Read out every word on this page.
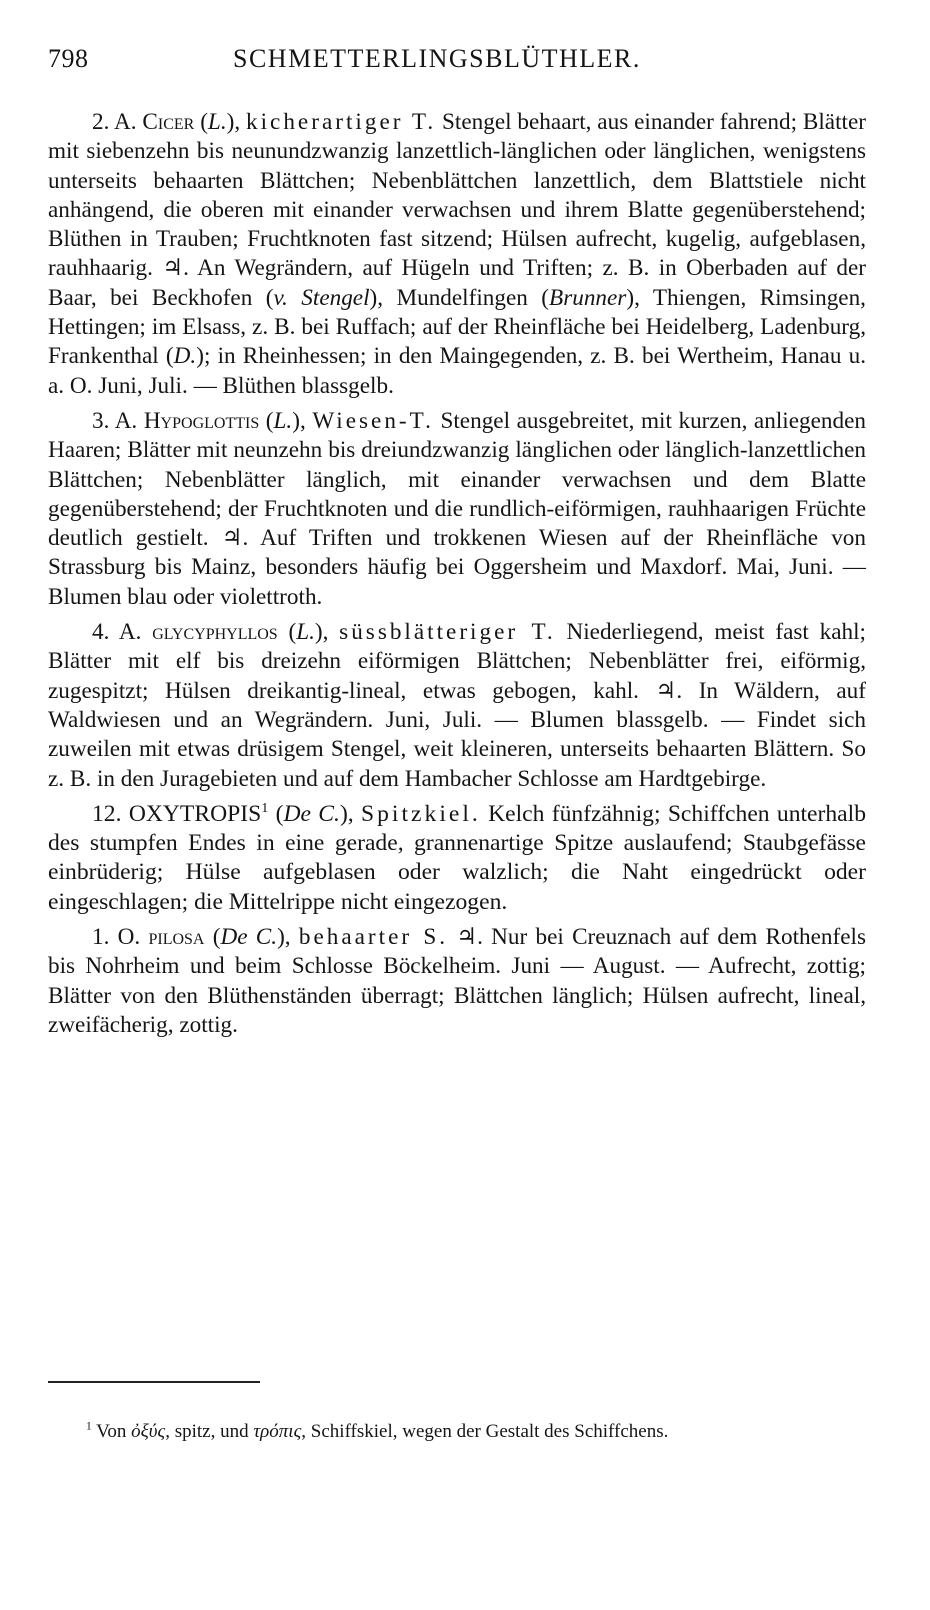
798	SCHMETTERLINGSBLÜTHLER.

2. A. Cicer (L.), kicherartiger T. Stengel behaart, aus einander fahrend; Blätter mit siebenzehn bis neunundzwanzig lanzettlich-länglichen oder länglichen, wenigstens unterseits behaarten Blättchen; Nebenblättchen lanzettlich, dem Blattstiele nicht anhängend, die oberen mit einander verwachsen und ihrem Blatte gegenüberstehend; Blüthen in Trauben; Fruchtknoten fast sitzend; Hülsen aufrecht, kugelig, aufgeblasen, rauhhaarig. ♃. An Wegrändern, auf Hügeln und Triften; z. B. in Oberbaden auf der Baar, bei Beckhofen (v. Stengel), Mundelfingen (Brunner), Thiengen, Rimsingen, Hettingen; im Elsass, z. B. bei Ruffach; auf der Rheinfläche bei Heidelberg, Ladenburg, Frankenthal (D.); in Rheinhessen; in den Maingegenden, z. B. bei Wertheim, Hanau u. a. O. Juni, Juli. — Blüthen blassgelb.

3. A. Hypoglottis (L.), Wiesen-T. Stengel ausgebreitet, mit kurzen, anliegenden Haaren; Blätter mit neunzehn bis dreiundzwanzig länglichen oder länglich-lanzettlichen Blättchen; Nebenblätter länglich, mit einander verwachsen und dem Blatte gegenüberstehend; der Fruchtknoten und die rundlich-eiförmigen, rauhhaarigen Früchte deutlich gestielt. ♃. Auf Triften und trokkenen Wiesen auf der Rheinfläche von Strassburg bis Mainz, besonders häufig bei Oggersheim und Maxdorf. Mai, Juni. — Blumen blau oder violettroth.

4. A. glycyphyllos (L.), süssblätteriger T. Niederliegend, meist fast kahl; Blätter mit elf bis dreizehn eiförmigen Blättchen; Nebenblätter frei, eiförmig, zugespitzt; Hülsen dreikantig-lineal, etwas gebogen, kahl. ♃. In Wäldern, auf Waldwiesen und an Wegrändern. Juni, Juli. — Blumen blassgelb. — Findet sich zuweilen mit etwas drüsigem Stengel, weit kleineren, unterseits behaarten Blättern. So z. B. in den Juragebieten und auf dem Hambacher Schlosse am Hardtgebirge.

12. OXYTROPIS$^1$ (De C.), Spitzkiel. Kelch fünfzähnig; Schiffchen unterhalb des stumpfen Endes in eine gerade, grannenartige Spitze auslaufend; Staubgefässe einbrüderig; Hülse aufgeblasen oder walzlich; die Naht eingedrückt oder eingeschlagen; die Mittelrippe nicht eingezogen.

1. O. pilosa (De C.), behaarter S. ♃. Nur bei Creuznach auf dem Rothenfels bis Nohrheim und beim Schlosse Böckelheim. Juni — August. — Aufrecht, zottig; Blätter von den Blüthenständen überragt; Blättchen länglich; Hülsen aufrecht, lineal, zweifächerig, zottig.

$^1$ Von ὀξύς, spitz, und τρόπις, Schiffskiel, wegen der Gestalt des Schiffchens.
